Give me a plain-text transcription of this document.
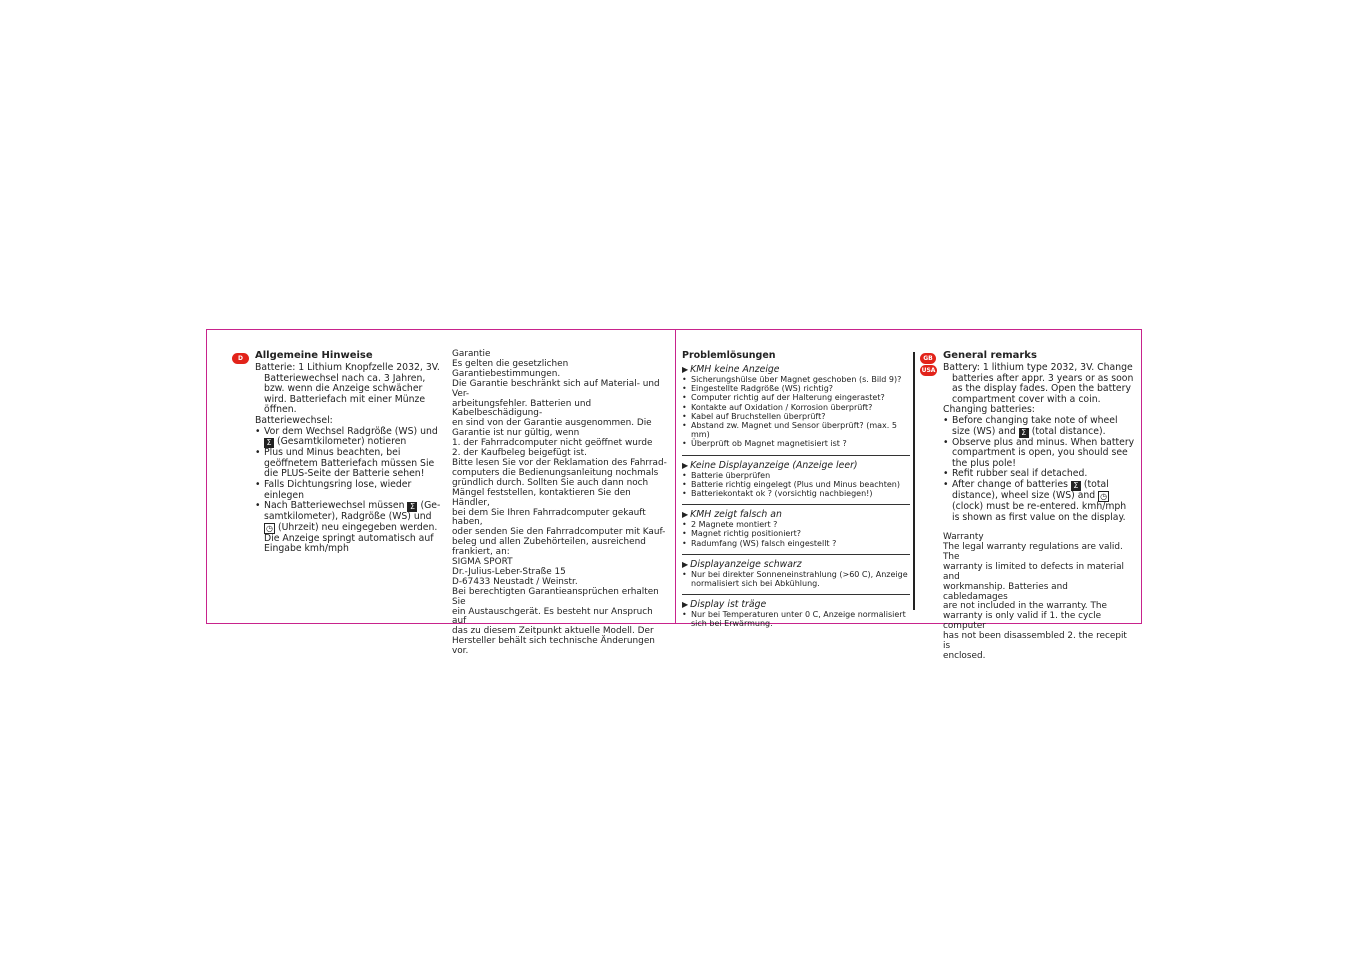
D	Allgemeine Hinweise

Batterie: 1 Lithium Knopfzelle 2032, 3V.

Batteriewechsel nach ca. 3 Jahren, bzw. wenn die Anzeige schwächer wird. Batteriefach mit einer Münze öffnen.

Batteriewechsel:

• Vor dem Wechsel Radgröße (WS) und Σ (Gesamtkilometer) notieren
• Plus und Minus beachten, bei geöffnetem Batteriefach müssen Sie die PLUS-Seite der Batterie sehen!
• Falls Dichtungsring lose, wieder einlegen
• Nach Batteriewechsel müssen Σ (Ge-samtkilometer), Radgröße (WS) und ◷ (Uhrzeit) neu eingegeben werden. Die Anzeige springt automatisch auf Eingabe kmh/mph
Garantie
Es gelten die gesetzlichen Garantiebestimmungen.
Die Garantie beschränkt sich auf Material- und Ver-
arbeitungsfehler. Batterien und Kabelbeschädigung-
en sind von der Garantie ausgenommen. Die
Garantie ist nur gültig, wenn
1. der Fahrradcomputer nicht geöffnet wurde
2. der Kaufbeleg beigefügt ist.
Bitte lesen Sie vor der Reklamation des Fahrrad-
computers die Bedienungsanleitung nochmals
gründlich durch. Sollten Sie auch dann noch
Mängel feststellen, kontaktieren Sie den Händler,
bei dem Sie Ihren Fahrradcomputer gekauft haben,
oder senden Sie den Fahrradcomputer mit Kauf-
beleg und allen Zubehörteilen, ausreichend
frankiert, an:
SIGMA SPORT
Dr.-Julius-Leber-Straße 15
D-67433 Neustadt / Weinstr.
Bei berechtigten Garantieansprüchen erhalten Sie
ein Austauschgerät. Es besteht nur Anspruch auf
das zu diesem Zeitpunkt aktuelle Modell. Der
Hersteller behält sich technische Änderungen vor.
Problemlösungen
▶ KMH keine Anzeige
• Sicherungshülse über Magnet geschoben (s. Bild 9)?
• Eingestellte Radgröße (WS) richtig?
• Computer richtig auf der Halterung eingerastet?
• Kontakte auf Oxidation / Korrosion überprüft?
• Kabel auf Bruchstellen überprüft?
• Abstand zw. Magnet und Sensor überprüft? (max. 5 mm)
• Überprüft ob Magnet magnetisiert ist ?
▶ Keine Displayanzeige (Anzeige leer)
• Batterie überprüfen
• Batterie richtig eingelegt (Plus und Minus beachten)
• Batteriekontakt ok ? (vorsichtig nachbiegen!)
▶ KMH zeigt falsch an
• 2 Magnete montiert ?
• Magnet richtig positioniert?
• Radumfang (WS) falsch eingestellt ?
▶ Displayanzeige schwarz
• Nur bei direkter Sonneneinstrahlung (>60 C), Anzeige normalisiert sich bei Abkühlung.
▶ Display ist träge
• Nur bei Temperaturen unter 0 C, Anzeige normalisiert sich bei Erwärmung.
GB
USA
General remarks

Battery: 1 lithium type 2032, 3V. Change

batteries after appr. 3 years or as soon as the display fades. Open the battery compartment cover with a coin.

Changing batteries:

• Before changing take note of wheel size (WS) and Σ (total distance).
• Observe plus and minus. When battery compartment is open, you should see the plus pole!
• Refit rubber seal if detached.
• After change of batteries Σ (total distance), wheel size (WS) and ◷ (clock) must be re-entered. kmh/mph is shown as first value on the display.
Warranty
The legal warranty regulations are valid. The
warranty is limited to defects in material and
workmanship. Batteries and cabledamages
are not included in the warranty. The
warranty is only valid if 1. the cycle computer
has not been disassembled 2. the recepit is
enclosed.
